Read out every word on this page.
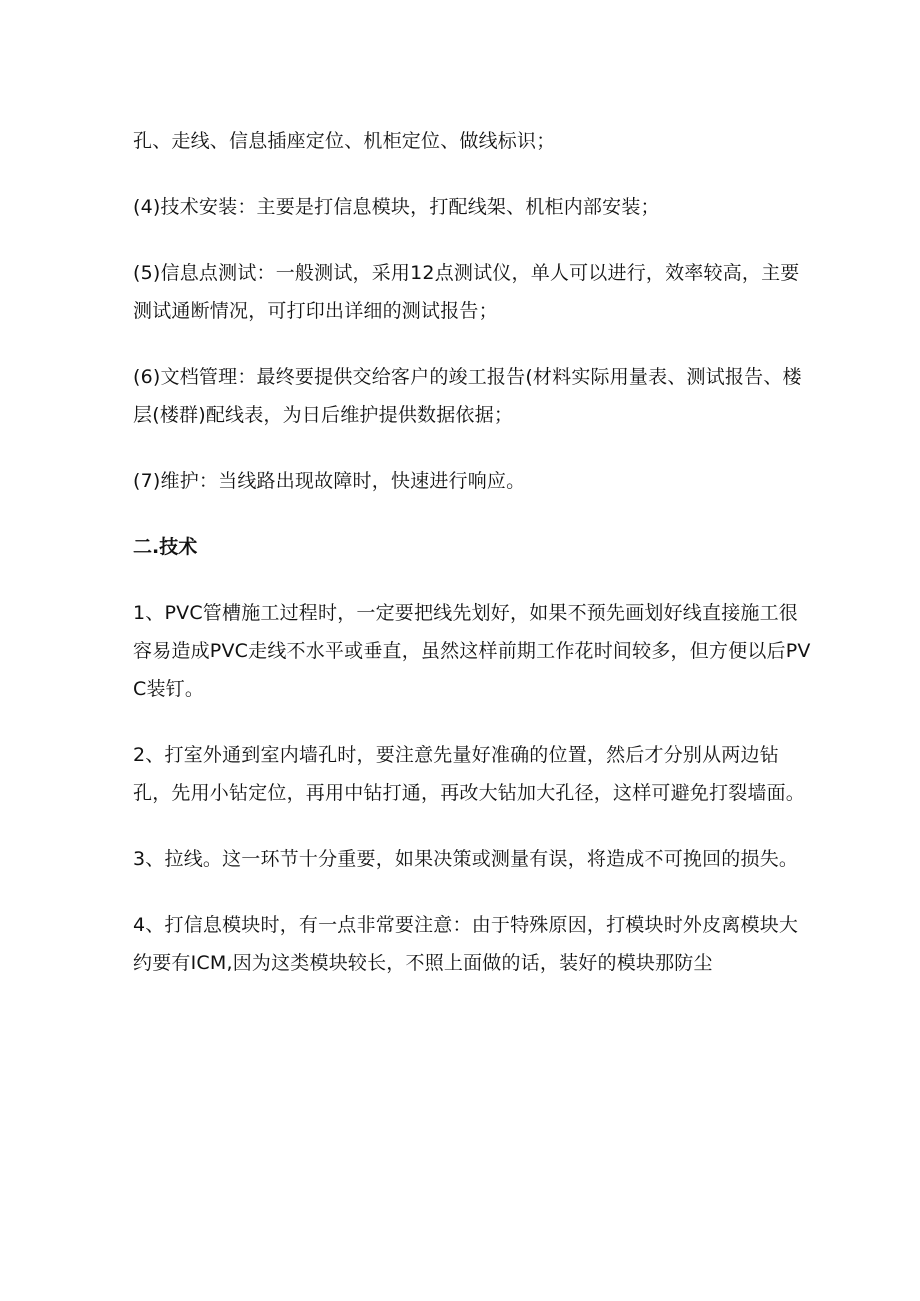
孔、走线、信息插座定位、机柜定位、做线标识；

(4)技术安装：主要是打信息模块，打配线架、机柜内部安装；

(5)信息点测试：一般测试，采用12点测试仪，单人可以进行，效率较高，主要测试通断情况，可打印出详细的测试报告；

(6)文档管理：最终要提供交给客户的竣工报告(材料实际用量表、测试报告、楼层(楼群)配线表，为日后维护提供数据依据；

(7)维护：当线路出现故障时，快速进行响应。

二.技术

1、PVC管槽施工过程时，一定要把线先划好，如果不预先画划好线直接施工很容易造成PVC走线不水平或垂直，虽然这样前期工作花时间较多，但方便以后PVC装钉。

2、打室外通到室内墙孔时，要注意先量好准确的位置，然后才分别从两边钻孔，先用小钻定位，再用中钻打通，再改大钻加大孔径，这样可避免打裂墙面。

3、拉线。这一环节十分重要，如果决策或测量有误，将造成不可挽回的损失。

4、打信息模块时，有一点非常要注意：由于特殊原因，打模块时外皮离模块大约要有ICM,因为这类模块较长，不照上面做的话，装好的模块那防尘
